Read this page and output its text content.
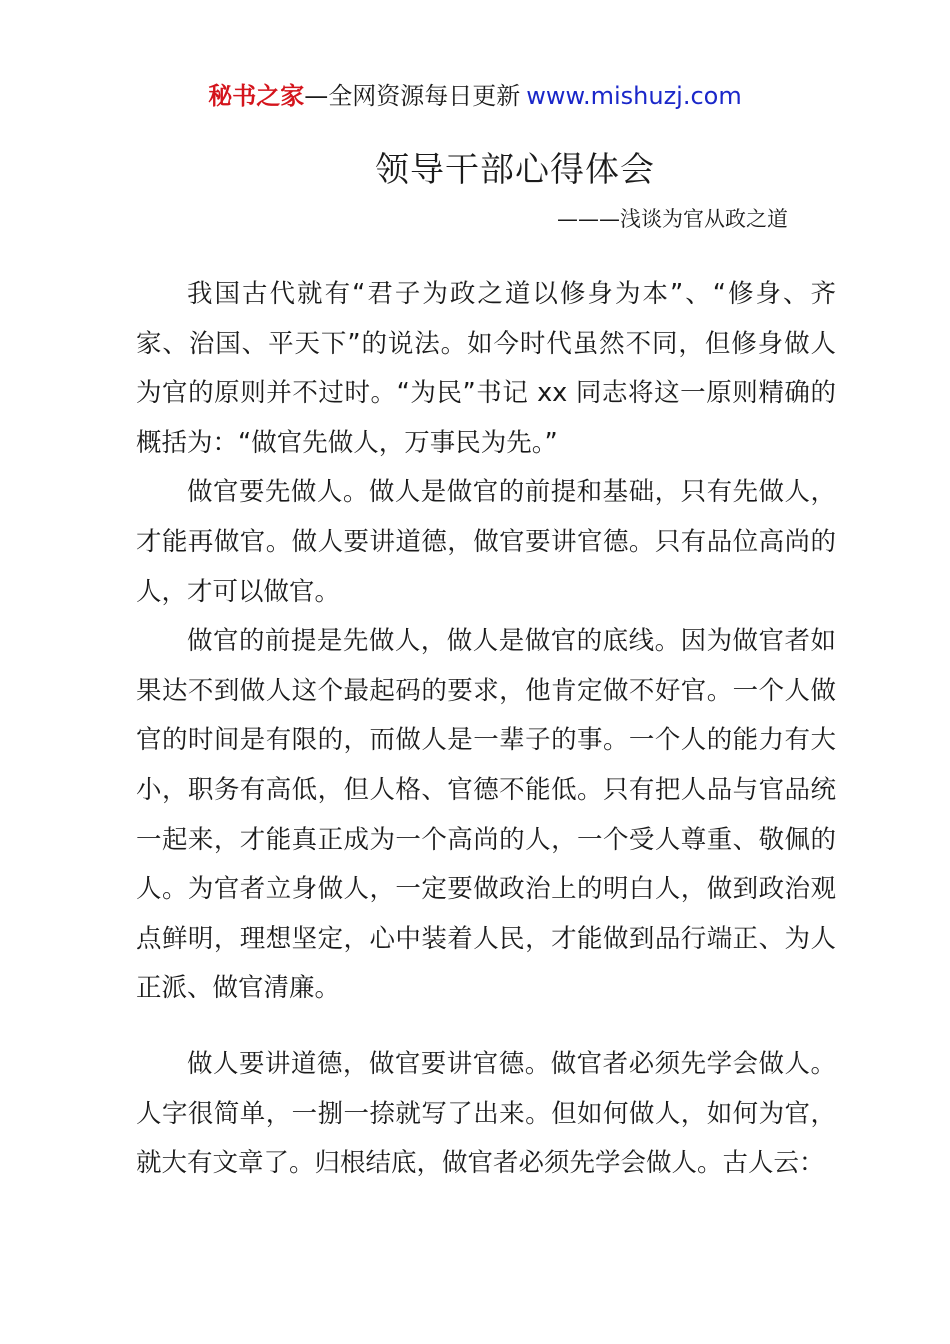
秘书之家—全网资源每日更新 www.mishuzj.com
领导干部心得体会
———浅谈为官从政之道

我国古代就有“君子为政之道以修身为本”、“修身、齐家、治国、平天下”的说法。如今时代虽然不同，但修身做人为官的原则并不过时。“为民”书记 xx 同志将这一原则精确的概括为：“做官先做人，万事民为先。”

做官要先做人。做人是做官的前提和基础，只有先做人，才能再做官。做人要讲道德，做官要讲官德。只有品位高尚的人，才可以做官。

做官的前提是先做人，做人是做官的底线。因为做官者如果达不到做人这个最起码的要求，他肯定做不好官。一个人做官的时间是有限的，而做人是一辈子的事。一个人的能力有大小，职务有高低，但人格、官德不能低。只有把人品与官品统一起来，才能真正成为一个高尚的人，一个受人尊重、敬佩的人。为官者立身做人，一定要做政治上的明白人，做到政治观点鲜明，理想坚定，心中装着人民，才能做到品行端正、为人正派、做官清廉。

做人要讲道德，做官要讲官德。做官者必须先学会做人。人字很简单，一捌一捺就写了出来。但如何做人，如何为官，就大有文章了。归根结底，做官者必须先学会做人。古人云：
